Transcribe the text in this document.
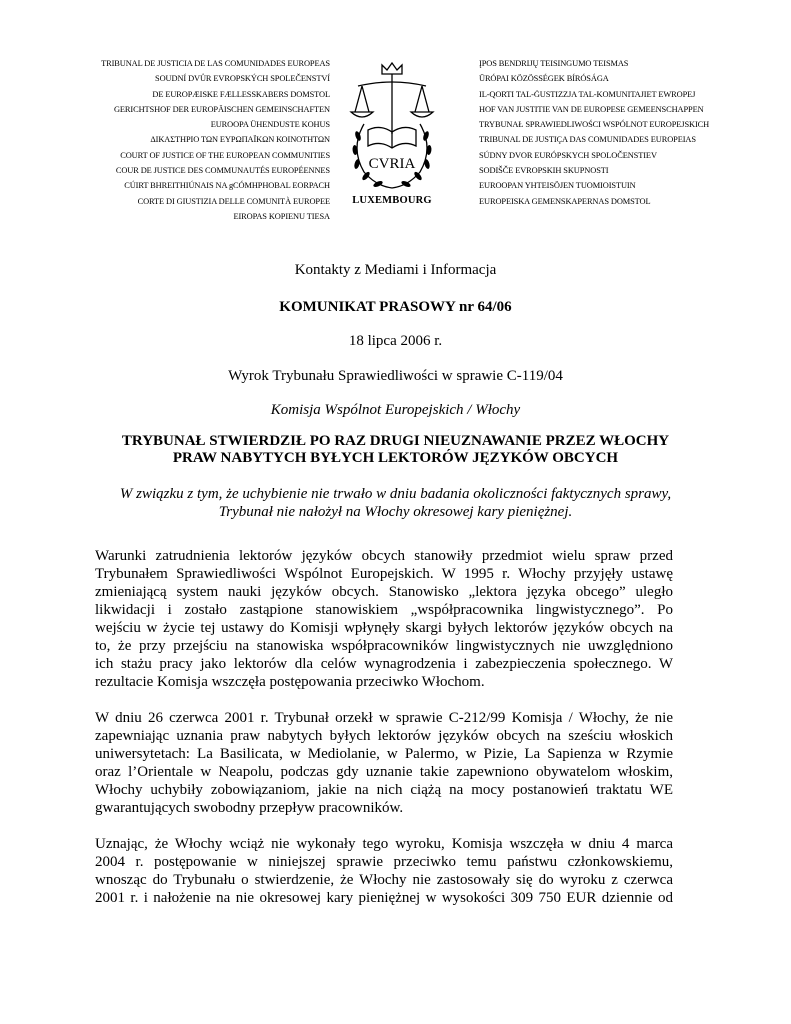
TRIBUNAL DE JUSTICIA DE LAS COMUNIDADES EUROPEAS
SOUDNÍ DVŮR EVROPSKÝCH SPOLEČENSTVÍ
DE EUROPÆISKE FÆLLESSKABERS DOMSTOL
GERICHTSHOF DER EUROPÄISCHEN GEMEINSCHAFTEN
EUROOPA ÜHENDUSTE KOHUS
ΔΙΚΑΣΤΗΡΙΟ ΤΩΝ ΕΥΡΩΠΑΪΚΩΝ ΚΟΙΝΟΤΗΤΩΝ
COURT OF JUSTICE OF THE EUROPEAN COMMUNITIES
COUR DE JUSTICE DES COMMUNAUTÉS EUROPÉENNES
CÚIRT BHREITHIÚNAIS NA gCÓMHPHOBAL EORPACH
CORTE DI GIUSTIZIA DELLE COMUNITÀ EUROPEE
EIROPAS KOPIENU TIESA
CVRIA
LUXEMBOURG
ĮPOS BENDRIJŲ TEISINGUMO TEISMAS
ŪRÓPAI KÖZÖSSÉGEK BÍRÓSÁGA
IL-QORTI TAL-ĠUSTIZZJA TAL-KOMUNITAJIET EWROPEJ
HOF VAN JUSTITIE VAN DE EUROPESE GEMEENSCHAPPEN
TRYBUNAŁ SPRAWIEDLIWOŚCI WSPÓLNOT EUROPEJSKICH
TRIBUNAL DE JUSTIÇA DAS COMUNIDADES EUROPEIAS
SÚDNY DVOR EURÓPSKYCH SPOLOČENSTIEV
SODIŠČE EVROPSKIH SKUPNOSTI
EUROOPAN YHTEISÖJEN TUOMIOISTUIN
EUROPEISKA GEMENSKAPERNAS DOMSTOL
Kontakty z Mediami i Informacja
KOMUNIKAT PRASOWY nr 64/06
18 lipca 2006 r.
Wyrok Trybunału Sprawiedliwości w sprawie C-119/04
Komisja Wspólnot Europejskich / Włochy
TRYBUNAŁ STWIERDZIŁ PO RAZ DRUGI NIEUZNAWANIE PRZEZ WŁOCHY
PRAW NABYTYCH BYŁYCH LEKTORÓW JĘZYKÓW OBCYCH
W związku z tym, że uchybienie nie trwało w dniu badania okoliczności faktycznych sprawy,
Trybunał nie nałożył na Włochy okresowej kary pieniężnej.
Warunki zatrudnienia lektorów języków obcych stanowiły przedmiot wielu spraw przed
Trybunałem Sprawiedliwości Wspólnot Europejskich. W 1995 r. Włochy przyjęły ustawę
zmieniającą system nauki języków obcych. Stanowisko „lektora języka obcego” uległo
likwidacji i zostało zastąpione stanowiskiem „współpracownika lingwistycznego”. Po
wejściu w życie tej ustawy do Komisji wpłynęły skargi byłych lektorów języków obcych na
to, że przy przejściu na stanowiska współpracowników lingwistycznych nie uwzględniono
ich stażu pracy jako lektorów dla celów wynagrodzenia i zabezpieczenia społecznego. W
rezultacie Komisja wszczęła postępowania przeciwko Włochom.
W dniu 26 czerwca 2001 r. Trybunał orzekł w sprawie C-212/99 Komisja / Włochy, że nie
zapewniając uznania praw nabytych byłych lektorów języków obcych na sześciu włoskich
uniwersytetach: La Basilicata, w Mediolanie, w Palermo, w Pizie, La Sapienza w Rzymie
oraz l’Orientale w Neapolu, podczas gdy uznanie takie zapewniono obywatelom włoskim,
Włochy uchybiły zobowiązaniom, jakie na nich ciążą na mocy postanowień traktatu WE
gwarantujących swobodny przepływ pracowników.
Uznając, że Włochy wciąż nie wykonały tego wyroku, Komisja wszczęła w dniu 4 marca
2004 r. postępowanie w niniejszej sprawie przeciwko temu państwu członkowskiemu,
wnosząc do Trybunału o stwierdzenie, że Włochy nie zastosowały się do wyroku z czerwca
2001 r. i nałożenie na nie okresowej kary pieniężnej w wysokości 309 750 EUR dziennie od
